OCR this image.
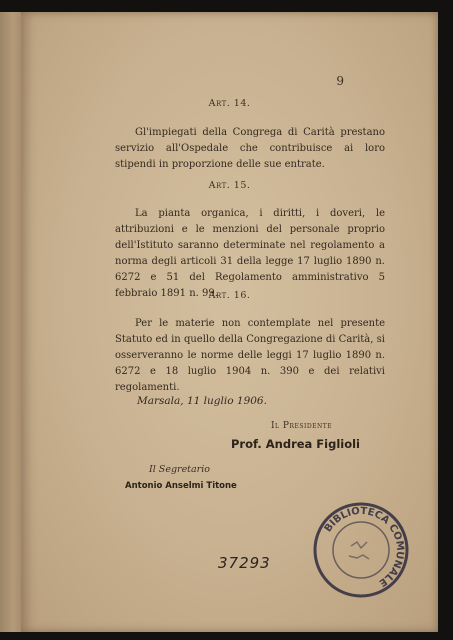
9
Art. 14.

Gl'impiegati della Congrega di Carità prestano servizio all'Ospedale che contribuisce ai loro stipendi in proporzione delle sue entrate.

Art. 15.

La pianta organica, i diritti, i doveri, le attribuzioni e le menzioni del personale proprio dell'Istituto saranno determinate nel regolamento a norma degli articoli 31 della legge 17 luglio 1890 n. 6272 e 51 del Regolamento amministrativo 5 febbraio 1891 n. 99.

Art. 16.

Per le materie non contemplate nel presente Statuto ed in quello della Congregazione di Carità, si osserveranno le norme delle leggi 17 luglio 1890 n. 6272 e 18 luglio 1904 n. 390 e dei relativi regolamenti.

Marsala, 11 luglio 1906.
Il Presidente
Prof. Andrea Figlioli
Il Segretario
Antonio Anselmi Titone
BIBLIOTECA COMUNALE
37293
